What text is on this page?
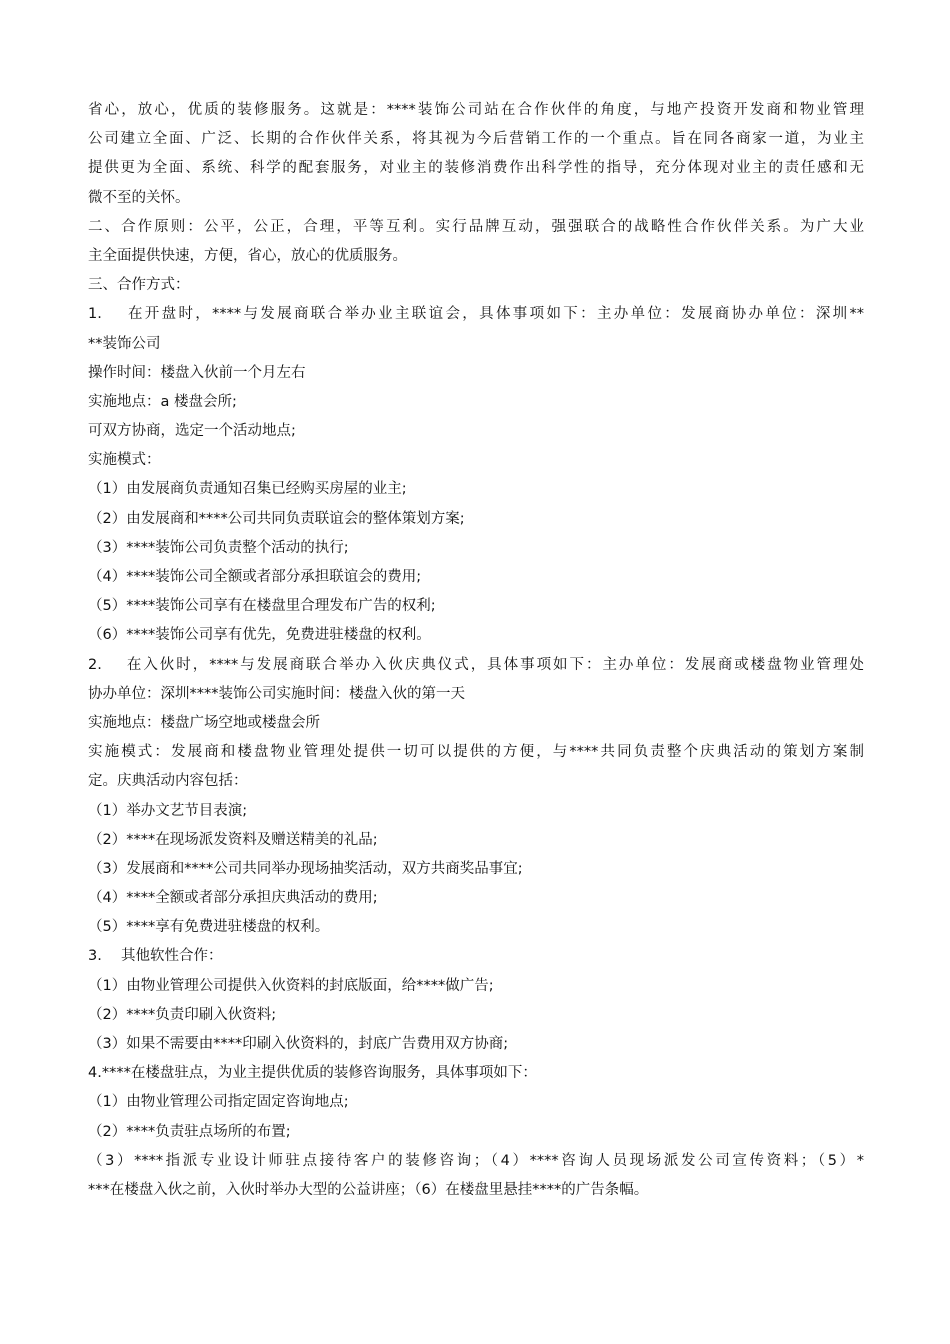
省心，放心，优质的装修服务。这就是：****装饰公司站在合作伙伴的角度，与地产投资开发商和物业管理
公司建立全面、广泛、长期的合作伙伴关系，将其视为今后营销工作的一个重点。旨在同各商家一道，为业主
提供更为全面、系统、科学的配套服务，对业主的装修消费作出科学性的指导，充分体现对业主的责任感和无
微不至的关怀。
二、合作原则：公平，公正，合理，平等互利。实行品牌互动，强强联合的战略性合作伙伴关系。为广大业
主全面提供快速，方便，省心，放心的优质服务。
三、合作方式：
1.　 在开盘时，****与发展商联合举办业主联谊会，具体事项如下：主办单位：发展商协办单位：深圳**
**装饰公司
操作时间：楼盘入伙前一个月左右
实施地点：a 楼盘会所;
可双方协商，选定一个活动地点;
实施模式：
（1）由发展商负责通知召集已经购买房屋的业主;
（2）由发展商和****公司共同负责联谊会的整体策划方案;
（3）****装饰公司负责整个活动的执行;
（4）****装饰公司全额或者部分承担联谊会的费用;
（5）****装饰公司享有在楼盘里合理发布广告的权利;
（6）****装饰公司享有优先，免费进驻楼盘的权利。
2.　 在入伙时，****与发展商联合举办入伙庆典仪式，具体事项如下：主办单位：发展商或楼盘物业管理处
协办单位：深圳****装饰公司实施时间：楼盘入伙的第一天
实施地点：楼盘广场空地或楼盘会所
实施模式：发展商和楼盘物业管理处提供一切可以提供的方便，与****共同负责整个庆典活动的策划方案制
定。庆典活动内容包括：
（1）举办文艺节目表演;
（2）****在现场派发资料及赠送精美的礼品;
（3）发展商和****公司共同举办现场抽奖活动，双方共商奖品事宜;
（4）****全额或者部分承担庆典活动的费用;
（5）****享有免费进驻楼盘的权利。
3.　 其他软性合作：
（1）由物业管理公司提供入伙资料的封底版面，给****做广告;
（2）****负责印刷入伙资料;
（3）如果不需要由****印刷入伙资料的，封底广告费用双方协商;
4.****在楼盘驻点，为业主提供优质的装修咨询服务，具体事项如下：
（1）由物业管理公司指定固定咨询地点;
（2）****负责驻点场所的布置;
（3）****指派专业设计师驻点接待客户的装修咨询；（4）****咨询人员现场派发公司宣传资料；（5）*
***在楼盘入伙之前，入伙时举办大型的公益讲座；（6）在楼盘里悬挂****的广告条幅。
